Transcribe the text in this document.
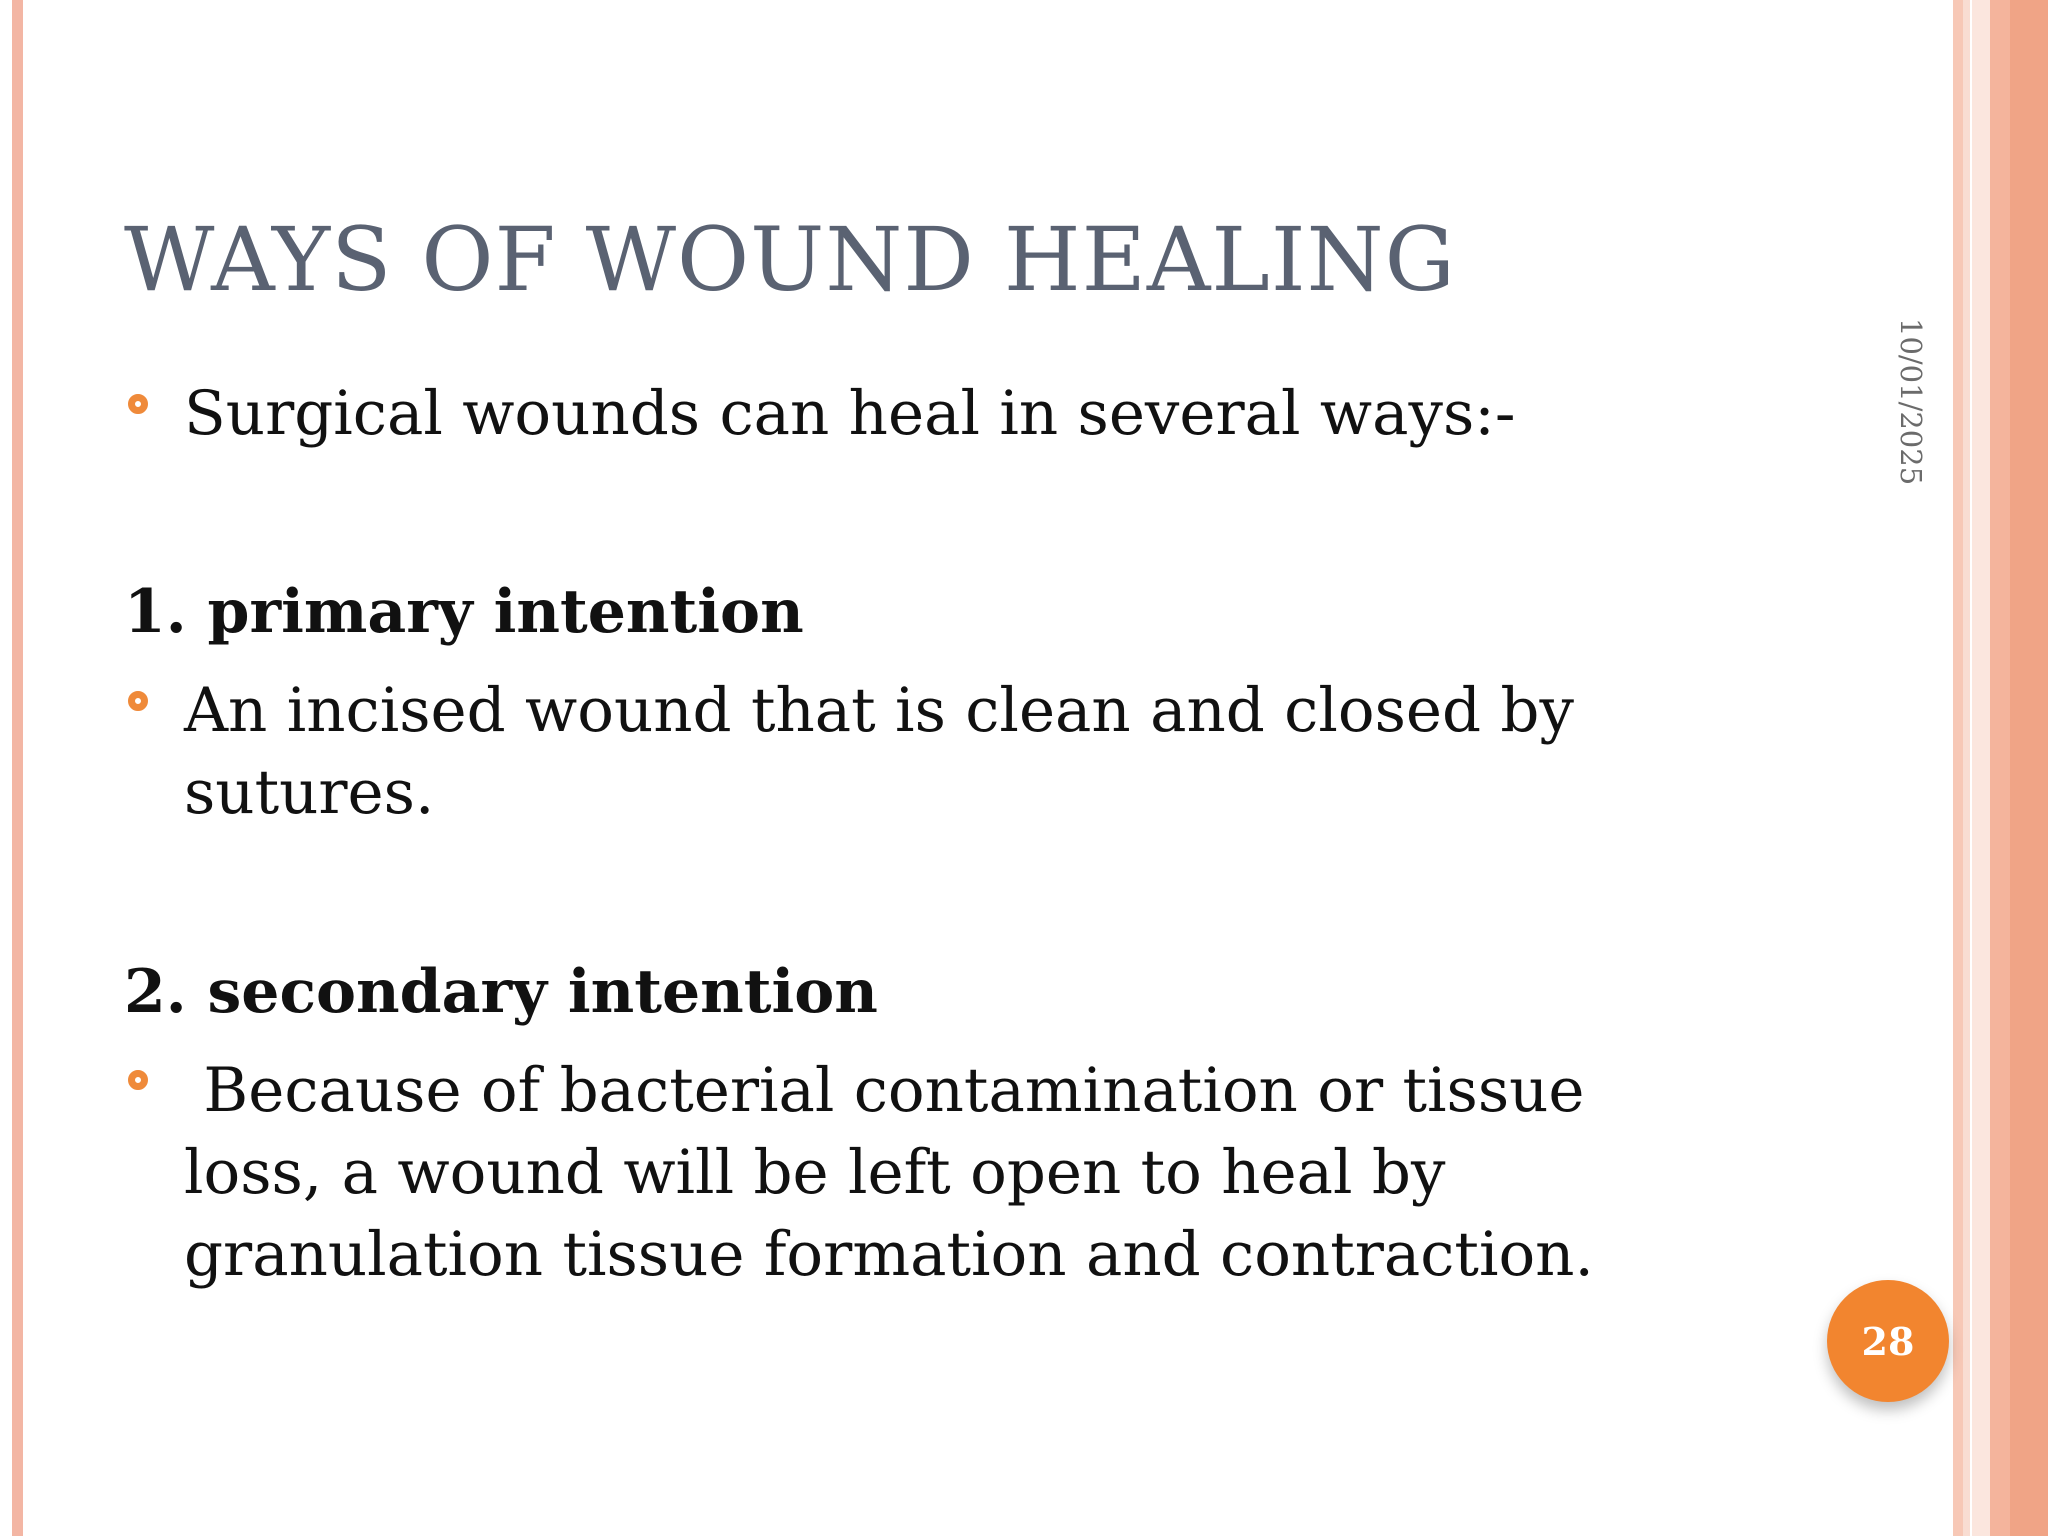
WAYS OF WOUND HEALING
10/01/2025
Surgical wounds can heal in several ways:-
1. primary intention
An incised wound that is clean and closed by
sutures.
2. secondary intention
Because of bacterial contamination or tissue
loss, a wound will be left open to heal by
granulation tissue formation and contraction.
28
